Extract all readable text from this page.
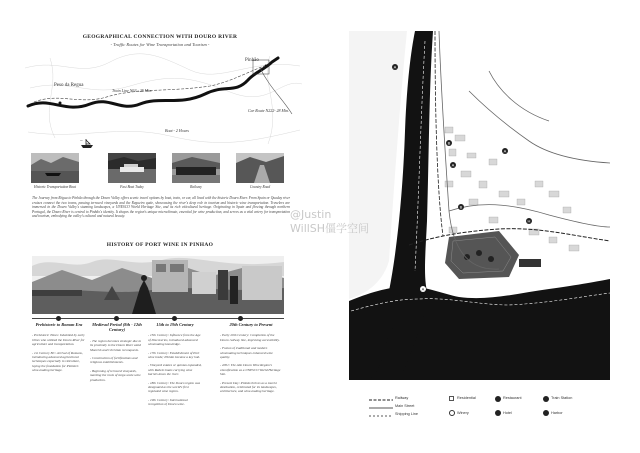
GEOGRAPHICAL CONNECTION WITH DOURO RIVER
- Traffic Routes for Wine Transportation and Tourism -
~
Peso da Regua
Pinhão
Train Line N63 - 25 Min.
Car Route N222- 28 Min.
Boat - 2 Hours
Historic Transportation Boat	Fast Boat Today	Railway	Country Road
The Journey from Régua to Pinhão through the Douro Valley offers scenic travel options by boat, train, or car, all lined with the historic Douro River. From Spain or Quaday river cruises connect the two towns, passing terraced vineyards and the Regueiro quite, showcasing the river's deep role in tourism and historic wine transportation. Travelers are immersed in the Douro Valley's stunning landscapes, a UNESCO World Heritage Site, and its rich viticultural heritage. Originating in Spain and flowing through northern Portugal, the Douro River is central to Pinhão's identity. It shapes the region's unique microclimate, essential for wine production, and serves as a vital artery for transportation and tourism, embodying the valley's cultural and natural beauty.
HISTORY OF PORT WINE IN PINHAO
Prehistoric to Roman Era
- Prehistoric Times: Inhabited by early tribes who utilized the Douro River for agriculture and transportation.
- 1st Century BC: Arrival of Romans, introducing advanced agricultural techniques especially in viticulture, laying the foundation for Pinhão's wine-making heritage.
Medieval Period (8th - 12th Century)
- The region becomes strategic due to its proximity to the Douro River amid Moorish and Christian reconquests.
- Construction of fortifications and religious establishments.
- Beginning of terraced vineyards, marking the roots of large-scale wine production.
15th to 19th Century
- 15th Century: Influence from the Age of Discoveries, introduced advanced winemaking knowledge.
- 17th Century: Establishment of Port wine trade; Pinhão became a key hub.
- Vineyard estates or quintas expanded, with Rabelo boats carrying wine barrels down the river.
- 18th Century: The Douro region was designated as the world's first regulated wine region.
- 19th Century: International recognition of Douro wine.
20th Century to Present
- Early 20th Century: Completion of the Douro railway line, improving accessibility.
- Fusion of traditional and modern winemaking techniques enhanced wine quality.
- 2001: The Alto Douro Wine Region's classification as a UNESCO World Heritage Site.
- Present Day: Pinhão thrives as a tourist destination, celebrated for its landscapes, architecture, and wine-making heritage.
A
B
A
A
B
H
A
Railway
Main Street
Shipping Line
Residential
Winery
Restaurant
Hotel
Train Station
Harbor
@Justin
WillSH僵学空间
